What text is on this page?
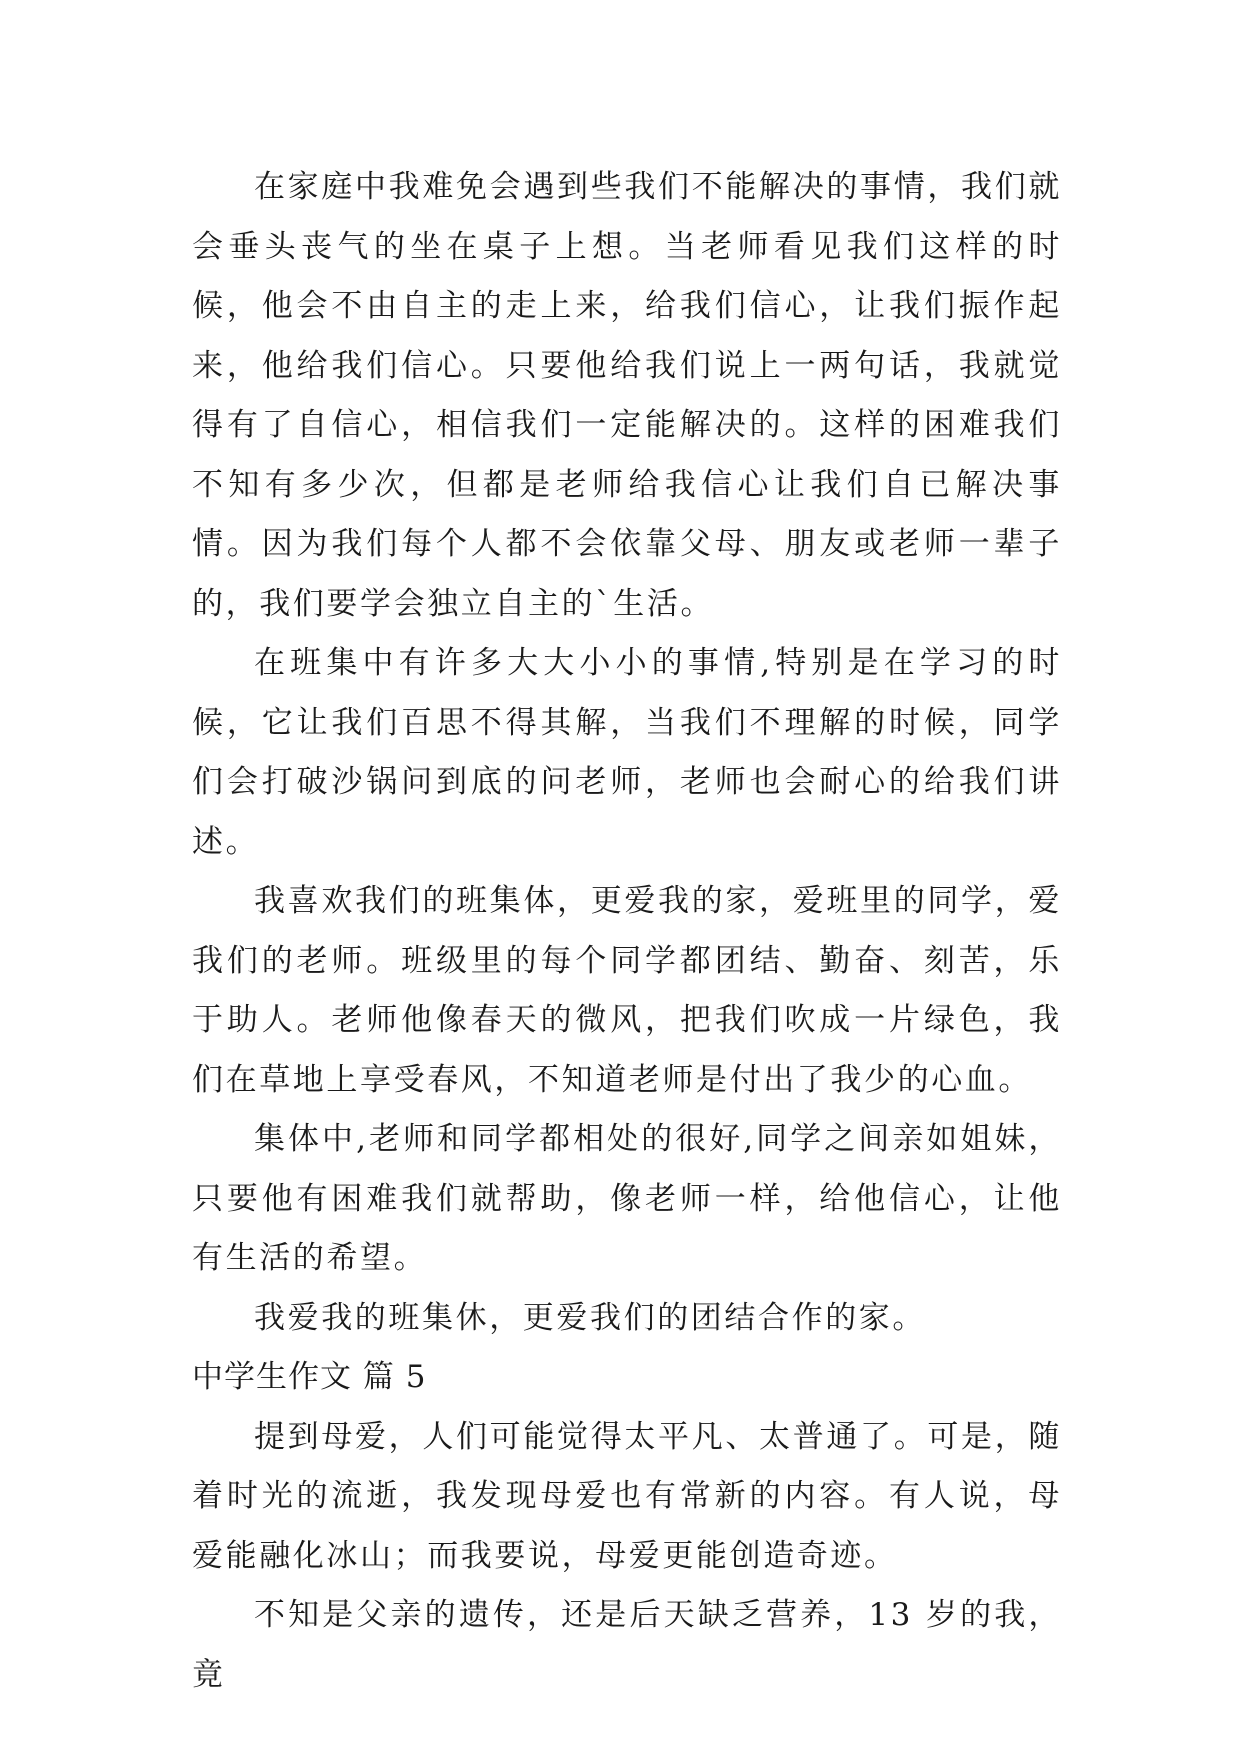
在家庭中我难免会遇到些我们不能解决的事情，我们就会垂头丧气的坐在桌子上想。当老师看见我们这样的时候，他会不由自主的走上来，给我们信心，让我们振作起来，他给我们信心。只要他给我们说上一两句话，我就觉得有了自信心，相信我们一定能解决的。这样的困难我们不知有多少次，但都是老师给我信心让我们自已解决事情。因为我们每个人都不会依靠父母、朋友或老师一辈子的，我们要学会独立自主的`生活。

在班集中有许多大大小小的事情,特别是在学习的时候，它让我们百思不得其解，当我们不理解的时候，同学们会打破沙锅问到底的问老师，老师也会耐心的给我们讲述。

我喜欢我们的班集体，更爱我的家，爱班里的同学，爱我们的老师。班级里的每个同学都团结、勤奋、刻苦，乐于助人。老师他像春天的微风，把我们吹成一片绿色，我们在草地上享受春风，不知道老师是付出了我少的心血。

集体中,老师和同学都相处的很好,同学之间亲如姐妹，只要他有困难我们就帮助，像老师一样，给他信心，让他有生活的希望。

我爱我的班集休，更爱我们的团结合作的家。

中学生作文 篇 5

提到母爱，人们可能觉得太平凡、太普通了。可是，随着时光的流逝，我发现母爱也有常新的内容。有人说，母爱能融化冰山；而我要说，母爱更能创造奇迹。

不知是父亲的遗传，还是后天缺乏营养，13 岁的我，竟
